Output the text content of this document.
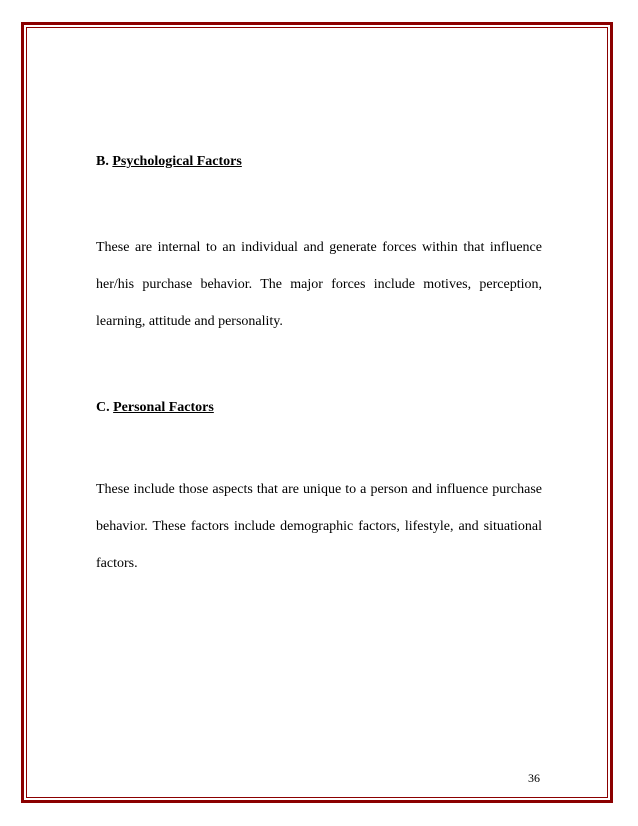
B. Psychological Factors

These are internal to an individual and generate forces within that influence her/his purchase behavior. The major forces include motives, perception, learning, attitude and personality.

C. Personal Factors

These include those aspects that are unique to a person and influence purchase behavior. These factors include demographic factors, lifestyle, and situational factors.

36
